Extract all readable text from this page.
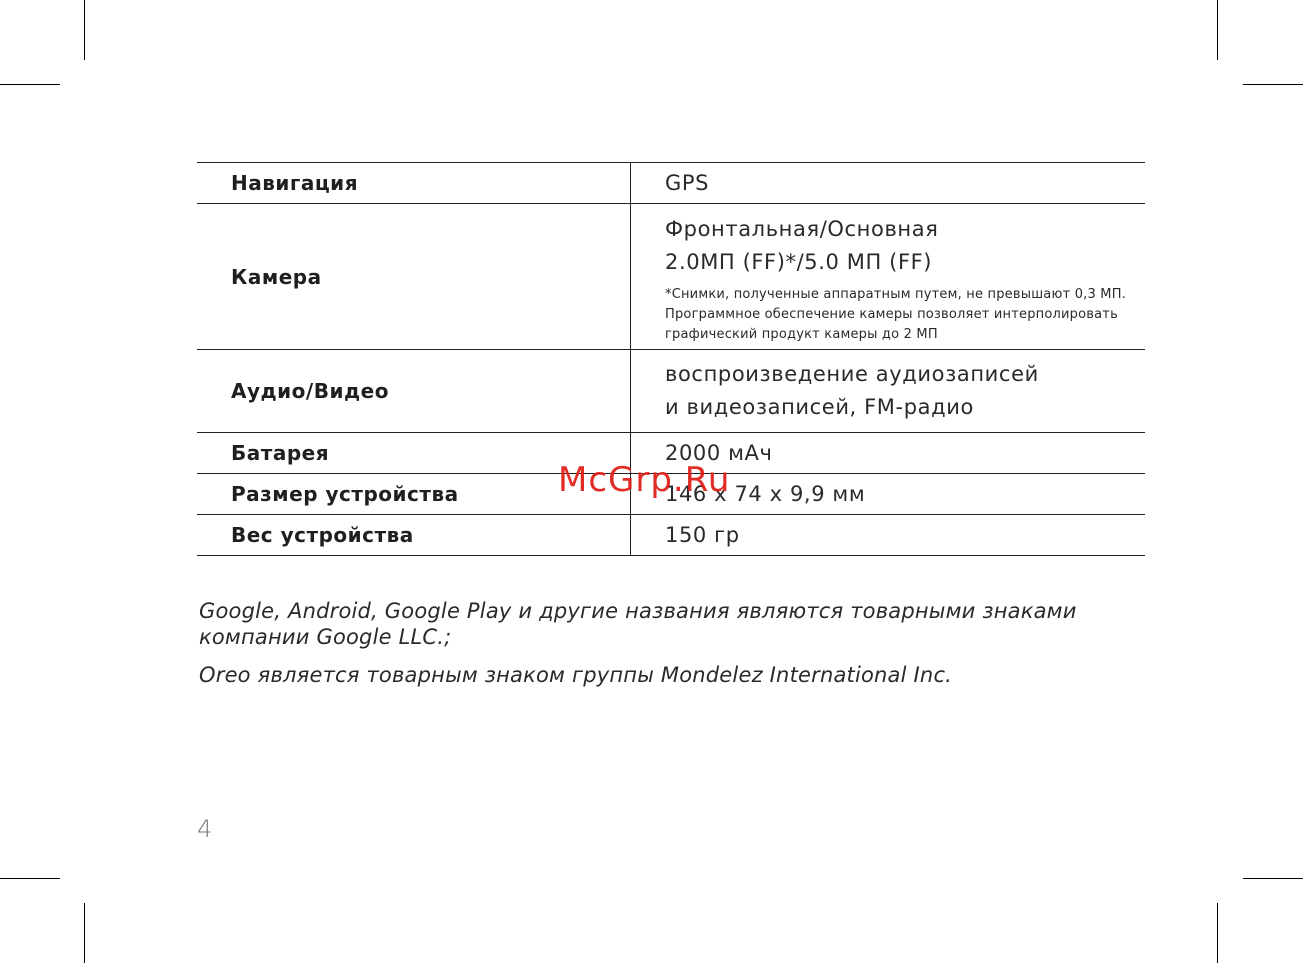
Навигация	GPS
Камера	Фронтальная/Основная
2.0МП (FF)*/5.0 МП (FF)
*Снимки, полученные аппаратным путем, не превышают 0,3 МП.
Программное обеспечение камеры позволяет интерполировать
графический продукт камеры до 2 МП

Аудио/Видео	воспроизведение аудиозаписей
и видеозаписей, FM-радио

Батарея	2000 мАч
Размер устройства	146 x 74 x 9,9 мм
Вес устройства	150 гр

Google, Android, Google Play и другие названия являются товарными знаками компании Google LLC.;

Oreo является товарным знаком группы Mondelez International Inc.

4
McGrp.Ru
